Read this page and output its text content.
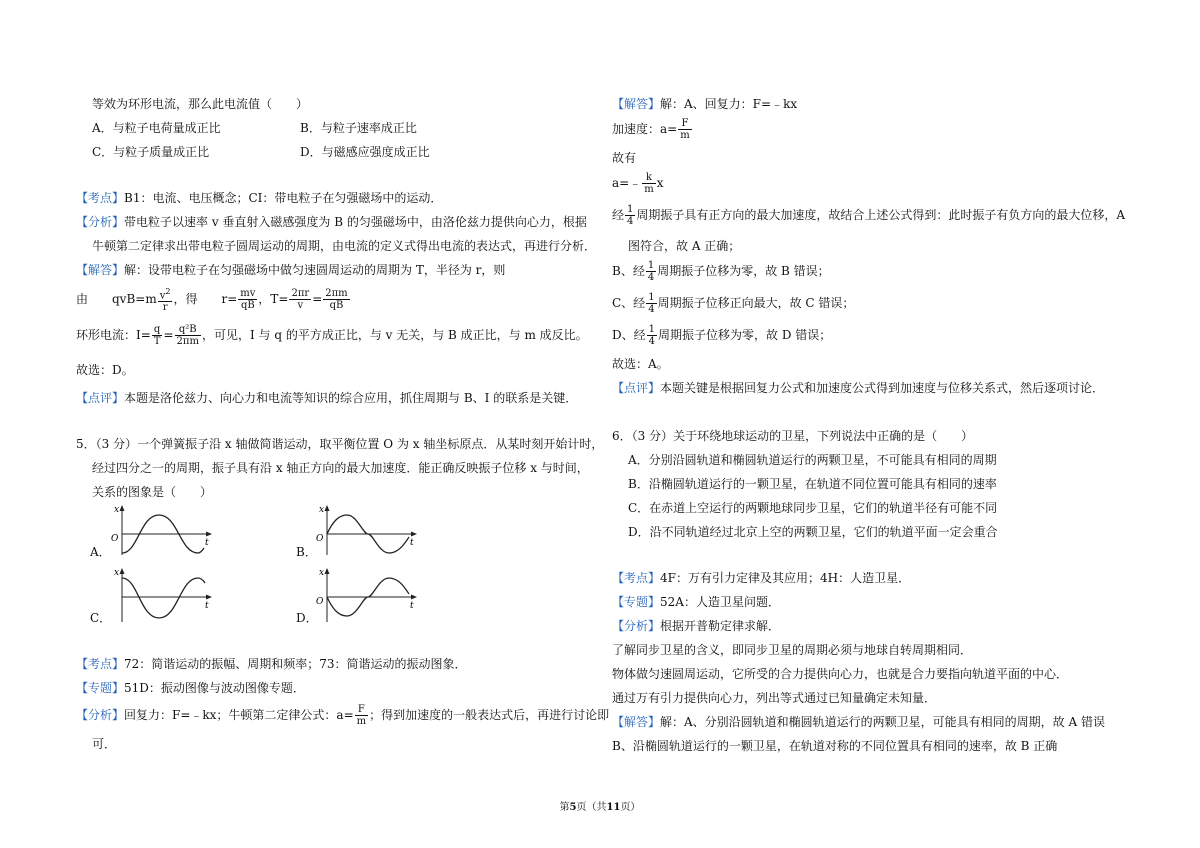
等效为环形电流，那么此电流值（　　）
A．与粒子电荷量成正比	B．与粒子速率成正比
C．与粒子质量成正比	D．与磁感应强度成正比
【考点】B1：电流、电压概念；CI：带电粒子在匀强磁场中的运动．
【分析】带电粒子以速率 v 垂直射入磁感强度为 B 的匀强磁场中，由洛伦兹力提供向心力，根据
牛顿第二定律求出带电粒子圆周运动的周期，由电流的定义式得出电流的表达式，再进行分析．
【解答】解：设带电粒子在匀强磁场中做匀速圆周运动的周期为 T，半径为 r，则
由　　$qvB=m \frac{v^2}{r}$ ，得　　$r= \frac{mv}{qB}$ ，$T= \frac{2\pi r}{v} = \frac{2\pi m}{qB}$
环形电流：$I= \frac{q}{T} = \frac{\text{q²B}}{2\pi m}$ ，可见，I 与 q 的平方成正比，与 v 无关，与 B 成正比，与 m 成反比。
故选：D。
【点评】本题是洛伦兹力、向心力和电流等知识的综合应用，抓住周期与 B、I 的联系是关键．
5．（3 分）一个弹簧振子沿 x 轴做简谐运动，取平衡位置 O 为 x 轴坐标原点．从某时刻开始计时，
经过四分之一的周期，振子具有沿 x 轴正方向的最大加速度．能正确反映振子位移 x 与时间，
关系的图象是（　　）
x
O	t
A．
x
O	t
B．
x
t
C．
x
O	t
D．
【考点】72：简谐运动的振幅、周期和频率；73：简谐运动的振动图象．
【专题】51D：振动图像与波动图像专题．
【分析】回复力：F=﹣kx；牛顿第二定律公式：$a= \frac{F}{m}$ ；得到加速度的一般表达式后，再进行讨论即
可．
【解答】解：A、回复力：F=﹣kx
加速度：$a= \frac{F}{m}$
故有
a=﹣ $\frac{k}{m}$ x
经 $\frac{1}{4}$ 周期振子具有正方向的最大加速度，故结合上述公式得到：此时振子有负方向的最大位移，A
图符合，故 A 正确；
B、经 $\frac{1}{4}$ 周期振子位移为零，故 B 错误；
C、经 $\frac{1}{4}$ 周期振子位移正向最大，故 C 错误；
D、经 $\frac{1}{4}$ 周期振子位移为零，故 D 错误；
故选：A。
【点评】本题关键是根据回复力公式和加速度公式得到加速度与位移关系式，然后逐项讨论．
6．（3 分）关于环绕地球运动的卫星，下列说法中正确的是（　　）
A．分别沿圆轨道和椭圆轨道运行的两颗卫星，不可能具有相同的周期
B．沿椭圆轨道运行的一颗卫星，在轨道不同位置可能具有相同的速率
C．在赤道上空运行的两颗地球同步卫星，它们的轨道半径有可能不同
D．沿不同轨道经过北京上空的两颗卫星，它们的轨道平面一定会重合
【考点】4F：万有引力定律及其应用；4H：人造卫星．
【专题】52A：人造卫星问题．
【分析】根据开普勒定律求解．
了解同步卫星的含义，即同步卫星的周期必须与地球自转周期相同．
物体做匀速圆周运动，它所受的合力提供向心力，也就是合力要指向轨道平面的中心．
通过万有引力提供向心力，列出等式通过已知量确定未知量．
【解答】解：A、分别沿圆轨道和椭圆轨道运行的两颗卫星，可能具有相同的周期，故 A 错误
B、沿椭圆轨道运行的一颗卫星，在轨道对称的不同位置具有相同的速率，故 B 正确
第5页（共11页）
